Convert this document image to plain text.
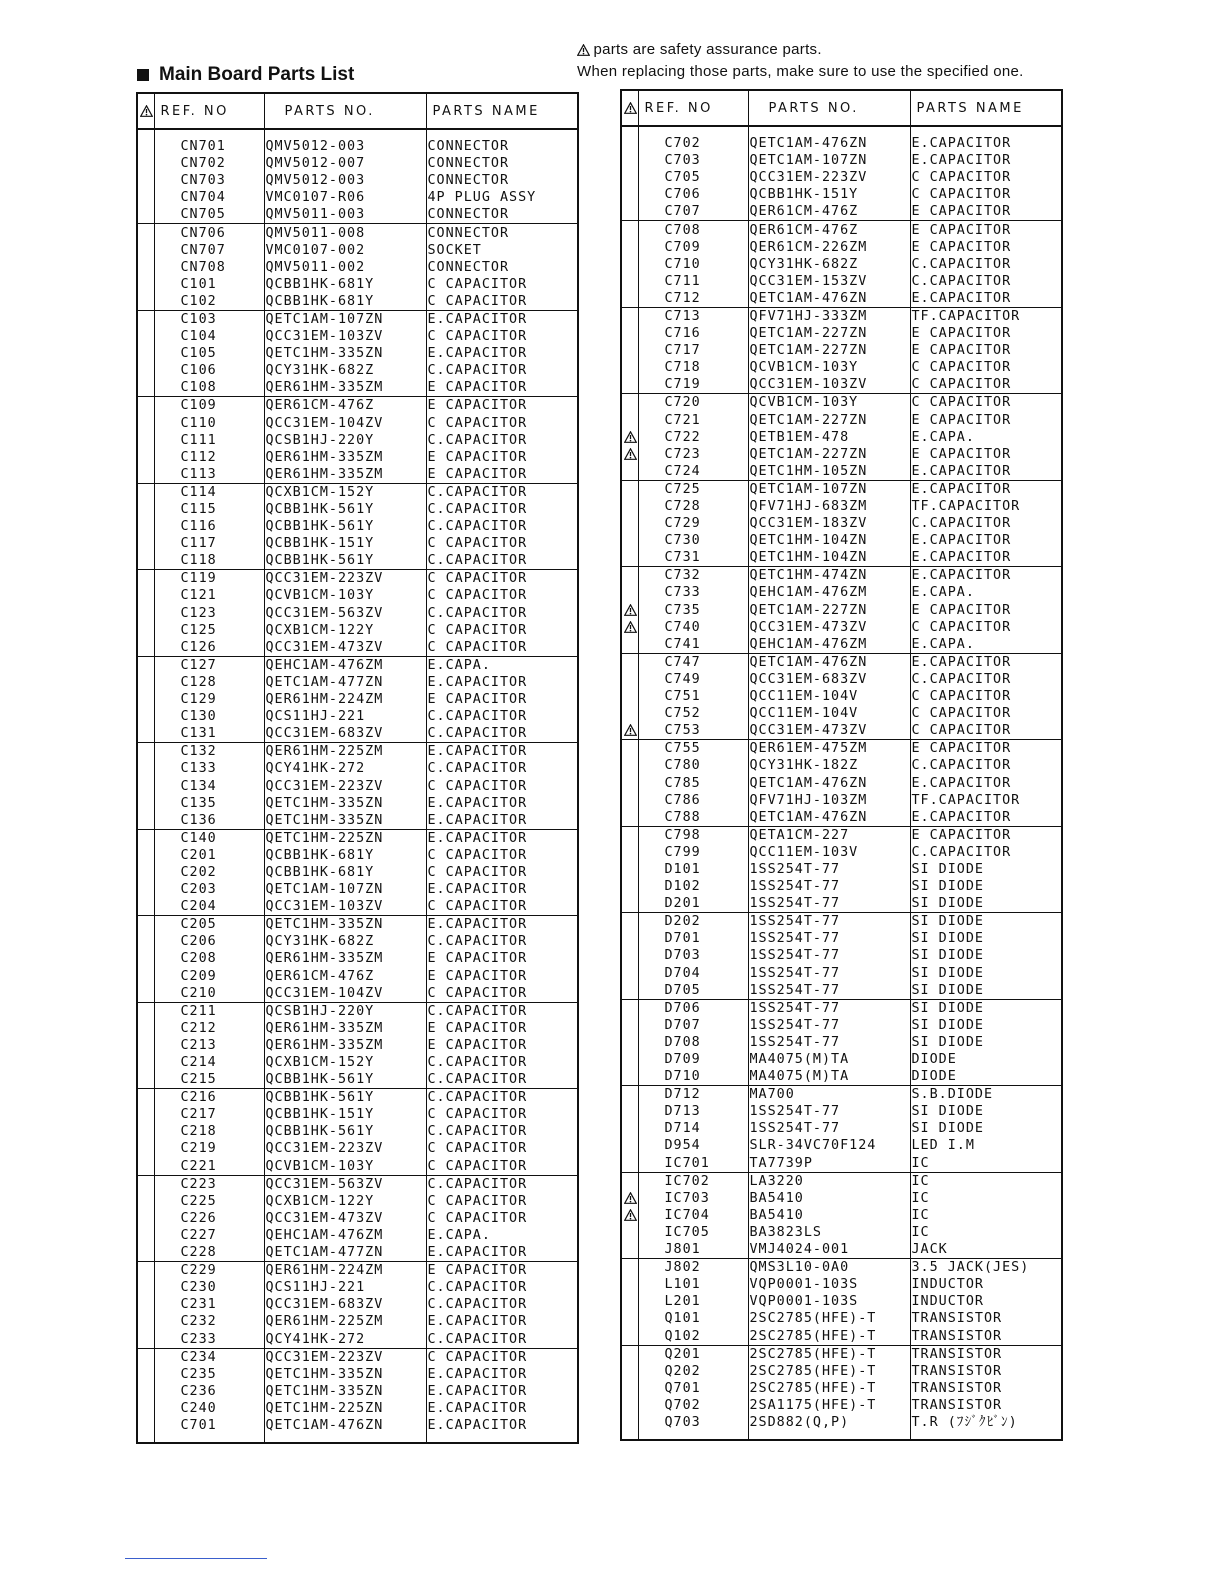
Main Board Parts List
parts are safety assurance parts.
When replacing those parts, make sure to use the specified one.
	REF. NO	PARTS NO.	PARTS NAME
	CN701	QMV5012-003	CONNECTOR
	CN702	QMV5012-007	CONNECTOR
	CN703	QMV5012-003	CONNECTOR
	CN704	VMC0107-R06	4P PLUG ASSY
	CN705	QMV5011-003	CONNECTOR
	CN706	QMV5011-008	CONNECTOR
	CN707	VMC0107-002	SOCKET
	CN708	QMV5011-002	CONNECTOR
	C101	QCBB1HK-681Y	C CAPACITOR
	C102	QCBB1HK-681Y	C CAPACITOR
	C103	QETC1AM-107ZN	E.CAPACITOR
	C104	QCC31EM-103ZV	C CAPACITOR
	C105	QETC1HM-335ZN	E.CAPACITOR
	C106	QCY31HK-682Z	C.CAPACITOR
	C108	QER61HM-335ZM	E CAPACITOR
	C109	QER61CM-476Z	E CAPACITOR
	C110	QCC31EM-104ZV	C CAPACITOR
	C111	QCSB1HJ-220Y	C.CAPACITOR
	C112	QER61HM-335ZM	E CAPACITOR
	C113	QER61HM-335ZM	E CAPACITOR
	C114	QCXB1CM-152Y	C.CAPACITOR
	C115	QCBB1HK-561Y	C.CAPACITOR
	C116	QCBB1HK-561Y	C.CAPACITOR
	C117	QCBB1HK-151Y	C CAPACITOR
	C118	QCBB1HK-561Y	C.CAPACITOR
	C119	QCC31EM-223ZV	C CAPACITOR
	C121	QCVB1CM-103Y	C CAPACITOR
	C123	QCC31EM-563ZV	C.CAPACITOR
	C125	QCXB1CM-122Y	C CAPACITOR
	C126	QCC31EM-473ZV	C CAPACITOR
	C127	QEHC1AM-476ZM	E.CAPA.
	C128	QETC1AM-477ZN	E.CAPACITOR
	C129	QER61HM-224ZM	E CAPACITOR
	C130	QCS11HJ-221	C.CAPACITOR
	C131	QCC31EM-683ZV	C.CAPACITOR
	C132	QER61HM-225ZM	E.CAPACITOR
	C133	QCY41HK-272	C.CAPACITOR
	C134	QCC31EM-223ZV	C CAPACITOR
	C135	QETC1HM-335ZN	E.CAPACITOR
	C136	QETC1HM-335ZN	E.CAPACITOR
	C140	QETC1HM-225ZN	E.CAPACITOR
	C201	QCBB1HK-681Y	C CAPACITOR
	C202	QCBB1HK-681Y	C CAPACITOR
	C203	QETC1AM-107ZN	E.CAPACITOR
	C204	QCC31EM-103ZV	C CAPACITOR
	C205	QETC1HM-335ZN	E.CAPACITOR
	C206	QCY31HK-682Z	C.CAPACITOR
	C208	QER61HM-335ZM	E CAPACITOR
	C209	QER61CM-476Z	E CAPACITOR
	C210	QCC31EM-104ZV	C CAPACITOR
	C211	QCSB1HJ-220Y	C.CAPACITOR
	C212	QER61HM-335ZM	E CAPACITOR
	C213	QER61HM-335ZM	E CAPACITOR
	C214	QCXB1CM-152Y	C.CAPACITOR
	C215	QCBB1HK-561Y	C.CAPACITOR
	C216	QCBB1HK-561Y	C.CAPACITOR
	C217	QCBB1HK-151Y	C CAPACITOR
	C218	QCBB1HK-561Y	C.CAPACITOR
	C219	QCC31EM-223ZV	C CAPACITOR
	C221	QCVB1CM-103Y	C CAPACITOR
	C223	QCC31EM-563ZV	C.CAPACITOR
	C225	QCXB1CM-122Y	C CAPACITOR
	C226	QCC31EM-473ZV	C CAPACITOR
	C227	QEHC1AM-476ZM	E.CAPA.
	C228	QETC1AM-477ZN	E.CAPACITOR
	C229	QER61HM-224ZM	E CAPACITOR
	C230	QCS11HJ-221	C.CAPACITOR
	C231	QCC31EM-683ZV	C.CAPACITOR
	C232	QER61HM-225ZM	E.CAPACITOR
	C233	QCY41HK-272	C.CAPACITOR
	C234	QCC31EM-223ZV	C CAPACITOR
	C235	QETC1HM-335ZN	E.CAPACITOR
	C236	QETC1HM-335ZN	E.CAPACITOR
	C240	QETC1HM-225ZN	E.CAPACITOR
	C701	QETC1AM-476ZN	E.CAPACITOR

	REF. NO	PARTS NO.	PARTS NAME
	C702	QETC1AM-476ZN	E.CAPACITOR
	C703	QETC1AM-107ZN	E.CAPACITOR
	C705	QCC31EM-223ZV	C CAPACITOR
	C706	QCBB1HK-151Y	C CAPACITOR
	C707	QER61CM-476Z	E CAPACITOR
	C708	QER61CM-476Z	E CAPACITOR
	C709	QER61CM-226ZM	E CAPACITOR
	C710	QCY31HK-682Z	C.CAPACITOR
	C711	QCC31EM-153ZV	C.CAPACITOR
	C712	QETC1AM-476ZN	E.CAPACITOR
	C713	QFV71HJ-333ZM	TF.CAPACITOR
	C716	QETC1AM-227ZN	E CAPACITOR
	C717	QETC1AM-227ZN	E CAPACITOR
	C718	QCVB1CM-103Y	C CAPACITOR
	C719	QCC31EM-103ZV	C CAPACITOR
	C720	QCVB1CM-103Y	C CAPACITOR
	C721	QETC1AM-227ZN	E CAPACITOR

	C722	QETB1EM-478	E.CAPA.

	C723	QETC1AM-227ZN	E CAPACITOR
	C724	QETC1HM-105ZN	E.CAPACITOR
	C725	QETC1AM-107ZN	E.CAPACITOR
	C728	QFV71HJ-683ZM	TF.CAPACITOR
	C729	QCC31EM-183ZV	C.CAPACITOR
	C730	QETC1HM-104ZN	E.CAPACITOR
	C731	QETC1HM-104ZN	E.CAPACITOR
	C732	QETC1HM-474ZN	E.CAPACITOR
	C733	QEHC1AM-476ZM	E.CAPA.

	C735	QETC1AM-227ZN	E CAPACITOR

	C740	QCC31EM-473ZV	C CAPACITOR
	C741	QEHC1AM-476ZM	E.CAPA.
	C747	QETC1AM-476ZN	E.CAPACITOR
	C749	QCC31EM-683ZV	C.CAPACITOR
	C751	QCC11EM-104V	C CAPACITOR
	C752	QCC11EM-104V	C CAPACITOR

	C753	QCC31EM-473ZV	C CAPACITOR
	C755	QER61EM-475ZM	E CAPACITOR
	C780	QCY31HK-182Z	C.CAPACITOR
	C785	QETC1AM-476ZN	E.CAPACITOR
	C786	QFV71HJ-103ZM	TF.CAPACITOR
	C788	QETC1AM-476ZN	E.CAPACITOR
	C798	QETA1CM-227	E CAPACITOR
	C799	QCC11EM-103V	C.CAPACITOR
	D101	1SS254T-77	SI DIODE
	D102	1SS254T-77	SI DIODE
	D201	1SS254T-77	SI DIODE
	D202	1SS254T-77	SI DIODE
	D701	1SS254T-77	SI DIODE
	D703	1SS254T-77	SI DIODE
	D704	1SS254T-77	SI DIODE
	D705	1SS254T-77	SI DIODE
	D706	1SS254T-77	SI DIODE
	D707	1SS254T-77	SI DIODE
	D708	1SS254T-77	SI DIODE
	D709	MA4075(M)TA	DIODE
	D710	MA4075(M)TA	DIODE
	D712	MA700	S.B.DIODE
	D713	1SS254T-77	SI DIODE
	D714	1SS254T-77	SI DIODE
	D954	SLR-34VC70F124	LED I.M
	IC701	TA7739P	IC
	IC702	LA3220	IC

	IC703	BA5410	IC

	IC704	BA5410	IC
	IC705	BA3823LS	IC
	J801	VMJ4024-001	JACK
	J802	QMS3L10-0A0	3.5 JACK(JES)
	L101	VQP0001-103S	INDUCTOR
	L201	VQP0001-103S	INDUCTOR
	Q101	2SC2785(HFE)-T	TRANSISTOR
	Q102	2SC2785(HFE)-T	TRANSISTOR
	Q201	2SC2785(HFE)-T	TRANSISTOR
	Q202	2SC2785(HFE)-T	TRANSISTOR
	Q701	2SC2785(HFE)-T	TRANSISTOR
	Q702	2SA1175(HFE)-T	TRANSISTOR
	Q703	2SD882(Q,P)	T.R (ﾌｼﾞｸﾋﾞﾝ)
